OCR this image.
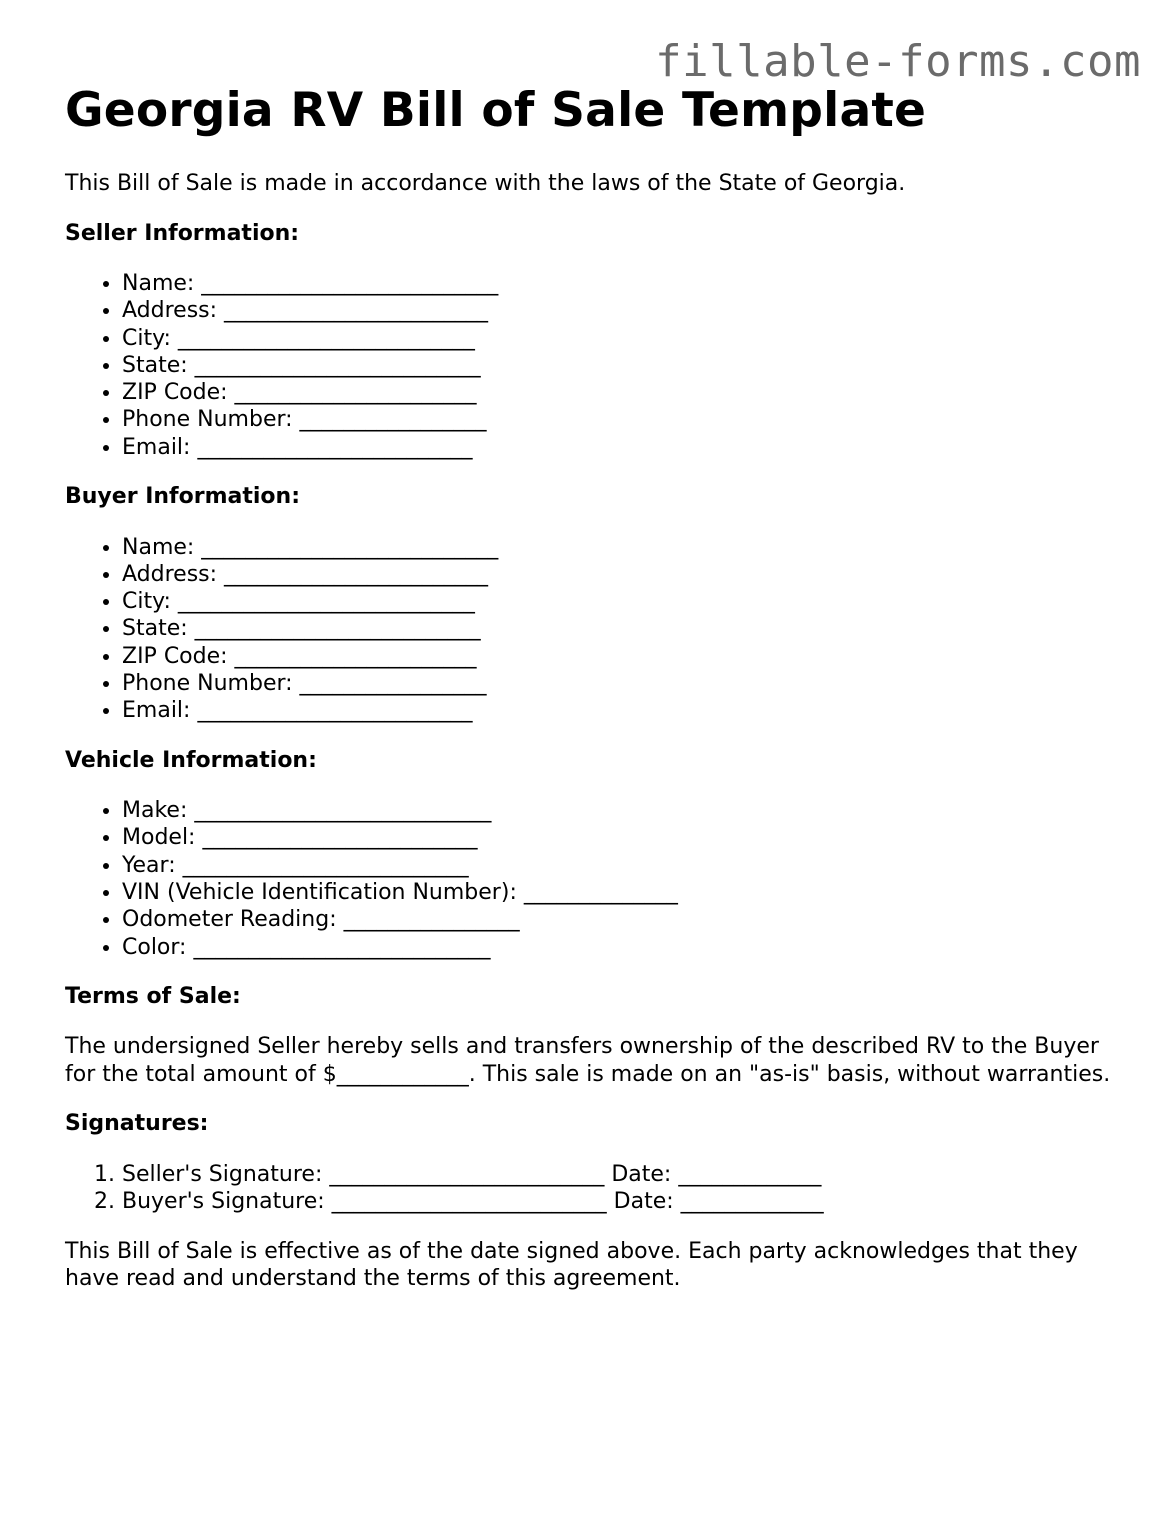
fillable-forms.com
Georgia RV Bill of Sale Template

This Bill of Sale is made in accordance with the laws of the State of Georgia.

Seller Information:
• Name: ___________________________
• Address: ________________________
• City: ___________________________
• State: __________________________
• ZIP Code: ______________________
• Phone Number: _________________
• Email: _________________________
Buyer Information:
• Name: ___________________________
• Address: ________________________
• City: ___________________________
• State: __________________________
• ZIP Code: ______________________
• Phone Number: _________________
• Email: _________________________
Vehicle Information:
• Make: ___________________________
• Model: _________________________
• Year: __________________________
• VIN (Vehicle Identification Number): ______________
• Odometer Reading: ________________
• Color: ___________________________
Terms of Sale:

The undersigned Seller hereby sells and transfers ownership of the described RV to the Buyer for the total amount of $____________. This sale is made on an "as-is" basis, without warranties.

Signatures:
1. Seller's Signature: _________________________ Date: _____________
2. Buyer's Signature: _________________________ Date: _____________

This Bill of Sale is effective as of the date signed above. Each party acknowledges that they have read and understand the terms of this agreement.
